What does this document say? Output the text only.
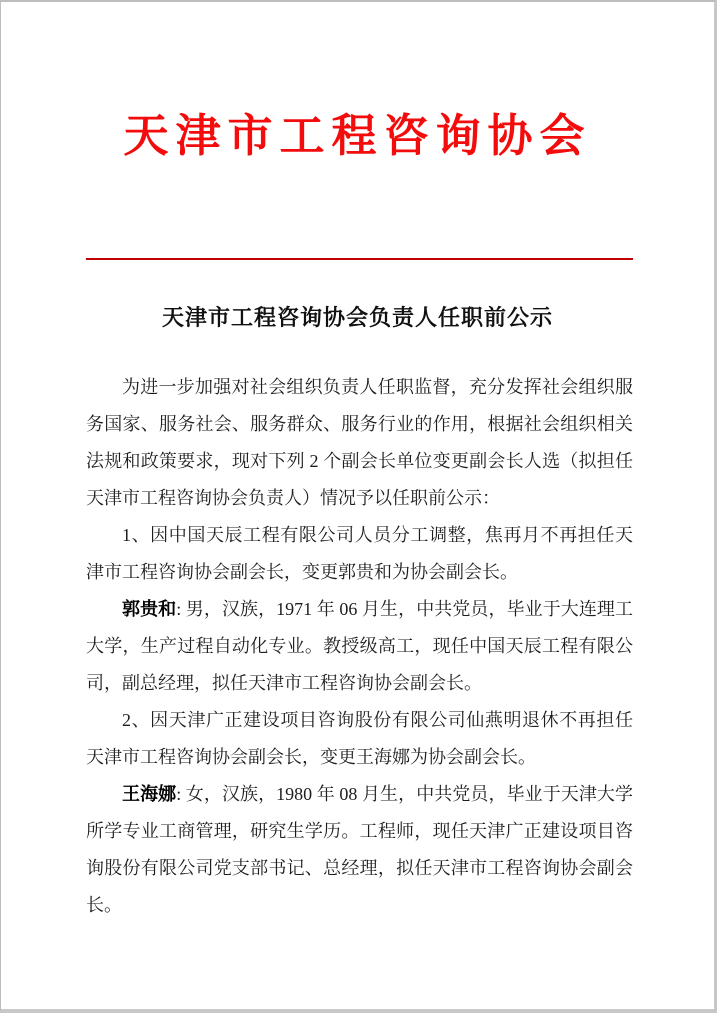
天津市工程咨询协会
天津市工程咨询协会负责人任职前公示

为进一步加强对社会组织负责人任职监督，充分发挥社会组织服务国家、服务社会、服务群众、服务行业的作用，根据社会组织相关法规和政策要求，现对下列 2 个副会长单位变更副会长人选（拟担任天津市工程咨询协会负责人）情况予以任职前公示：

1、因中国天辰工程有限公司人员分工调整，焦再月不再担任天津市工程咨询协会副会长，变更郭贵和为协会副会长。

郭贵和: 男，汉族，1971 年 06 月生，中共党员，毕业于大连理工大学，生产过程自动化专业。教授级高工，现任中国天辰工程有限公司，副总经理，拟任天津市工程咨询协会副会长。

2、因天津广正建设项目咨询股份有限公司仙燕明退休不再担任天津市工程咨询协会副会长，变更王海娜为协会副会长。

王海娜: 女，汉族，1980 年 08 月生，中共党员，毕业于天津大学所学专业工商管理，研究生学历。工程师，现任天津广正建设项目咨询股份有限公司党支部书记、总经理，拟任天津市工程咨询协会副会长。
